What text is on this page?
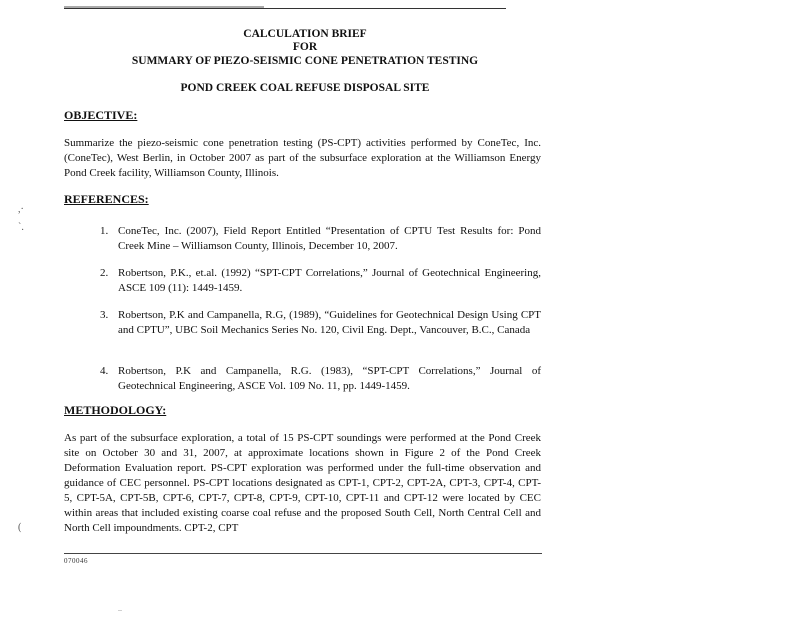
CALCULATION BRIEF
FOR
SUMMARY OF PIEZO-SEISMIC CONE PENETRATION TESTING
POND CREEK COAL REFUSE DISPOSAL SITE
OBJECTIVE:

Summarize the piezo-seismic cone penetration testing (PS-CPT) activities performed by ConeTec, Inc. (ConeTec), West Berlin, in October 2007 as part of the subsurface exploration at the Williamson Energy Pond Creek facility, Williamson County, Illinois.

REFERENCES:
1. ConeTec, Inc. (2007), Field Report Entitled “Presentation of CPTU Test Results for: Pond Creek Mine – Williamson County, Illinois, December 10, 2007.
2. Robertson, P.K., et.al. (1992) “SPT-CPT Correlations,” Journal of Geotechnical Engineering, ASCE 109 (11): 1449-1459.
3. Robertson, P.K and Campanella, R.G, (1989), “Guidelines for Geotechnical Design Using CPT and CPTU”, UBC Soil Mechanics Series No. 120, Civil Eng. Dept., Vancouver, B.C., Canada
4. Robertson, P.K and Campanella, R.G. (1983), “SPT-CPT Correlations,” Journal of Geotechnical Engineering, ASCE Vol. 109 No. 11, pp. 1449-1459.
METHODOLOGY:

As part of the subsurface exploration, a total of 15 PS-CPT soundings were performed at the Pond Creek site on October 30 and 31, 2007, at approximate locations shown in Figure 2 of the Pond Creek Deformation Evaluation report. PS-CPT exploration was performed under the full-time observation and guidance of CEC personnel. PS-CPT locations designated as CPT-1, CPT-2, CPT-2A, CPT-3, CPT-4, CPT-5, CPT-5A, CPT-5B, CPT-6, CPT-7, CPT-8, CPT-9, CPT-10, CPT-11 and CPT-12 were located by CEC within areas that included existing coarse coal refuse and the proposed South Cell, North Central Cell and North Cell impoundments. CPT-2, CPT

070046
,·
`.
(
‥
